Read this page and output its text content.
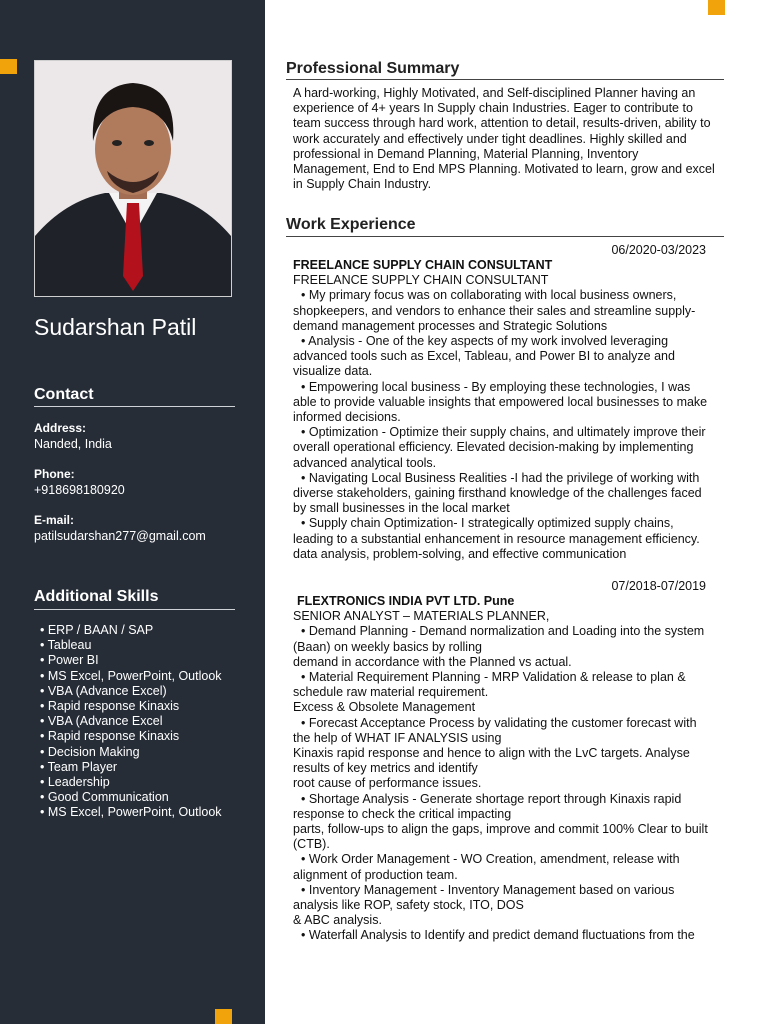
Sudarshan Patil
Contact
Address:
Nanded, India
Phone:
+918698180920
E-mail:
patilsudarshan277@gmail.com
Additional Skills
• ERP / BAAN / SAP
• Tableau
• Power BI
• MS Excel, PowerPoint, Outlook
• VBA (Advance Excel)
• Rapid response Kinaxis
• VBA (Advance Excel
• Rapid response Kinaxis
• Decision Making
• Team Player
• Leadership
• Good Communication
• MS Excel, PowerPoint, Outlook
Professional Summary
A hard-working, Highly Motivated, and Self-disciplined Planner having an experience of 4+ years In Supply chain Industries. Eager to contribute to team success through hard work, attention to detail, results-driven, ability to work accurately and effectively under tight deadlines. Highly skilled and professional in Demand Planning, Material Planning, Inventory Management, End to End MPS Planning. Motivated to learn, grow and excel in Supply Chain Industry.
Work Experience
06/2020-03/2023

FREELANCE SUPPLY CHAIN CONSULTANT

FREELANCE SUPPLY CHAIN CONSULTANT

• My primary focus was on collaborating with local business owners, shopkeepers, and vendors to enhance their sales and streamline supply-demand management processes and Strategic Solutions

• Analysis - One of the key aspects of my work involved leveraging advanced tools such as Excel, Tableau, and Power BI to analyze and visualize data.

• Empowering local business - By employing these technologies, I was able to provide valuable insights that empowered local businesses to make informed decisions.

• Optimization - Optimize their supply chains, and ultimately improve their overall operational efficiency. Elevated decision-making by implementing advanced analytical tools.

• Navigating Local Business Realities -I had the privilege of working with diverse stakeholders, gaining firsthand knowledge of the challenges faced by small businesses in the local market

• Supply chain Optimization- I strategically optimized supply chains, leading to a substantial enhancement in resource management efficiency. data analysis, problem-solving, and effective communication

07/2018-07/2019

FLEXTRONICS INDIA PVT LTD. Pune

SENIOR ANALYST – MATERIALS PLANNER,

• Demand Planning - Demand normalization and Loading into the system (Baan) on weekly basics by rolling

demand in accordance with the Planned vs actual.

• Material Requirement Planning - MRP Validation & release to plan & schedule raw material requirement.

Excess & Obsolete Management

• Forecast Acceptance Process by validating the customer forecast with the help of WHAT IF ANALYSIS using

Kinaxis rapid response and hence to align with the LvC targets. Analyse results of key metrics and identify

root cause of performance issues.

• Shortage Analysis - Generate shortage report through Kinaxis rapid response to check the critical impacting

parts, follow-ups to align the gaps, improve and commit 100% Clear to built (CTB).

• Work Order Management - WO Creation, amendment, release with alignment of production team.

• Inventory Management - Inventory Management based on various analysis like ROP, safety stock, ITO, DOS

& ABC analysis.

• Waterfall Analysis to Identify and predict demand fluctuations from the
